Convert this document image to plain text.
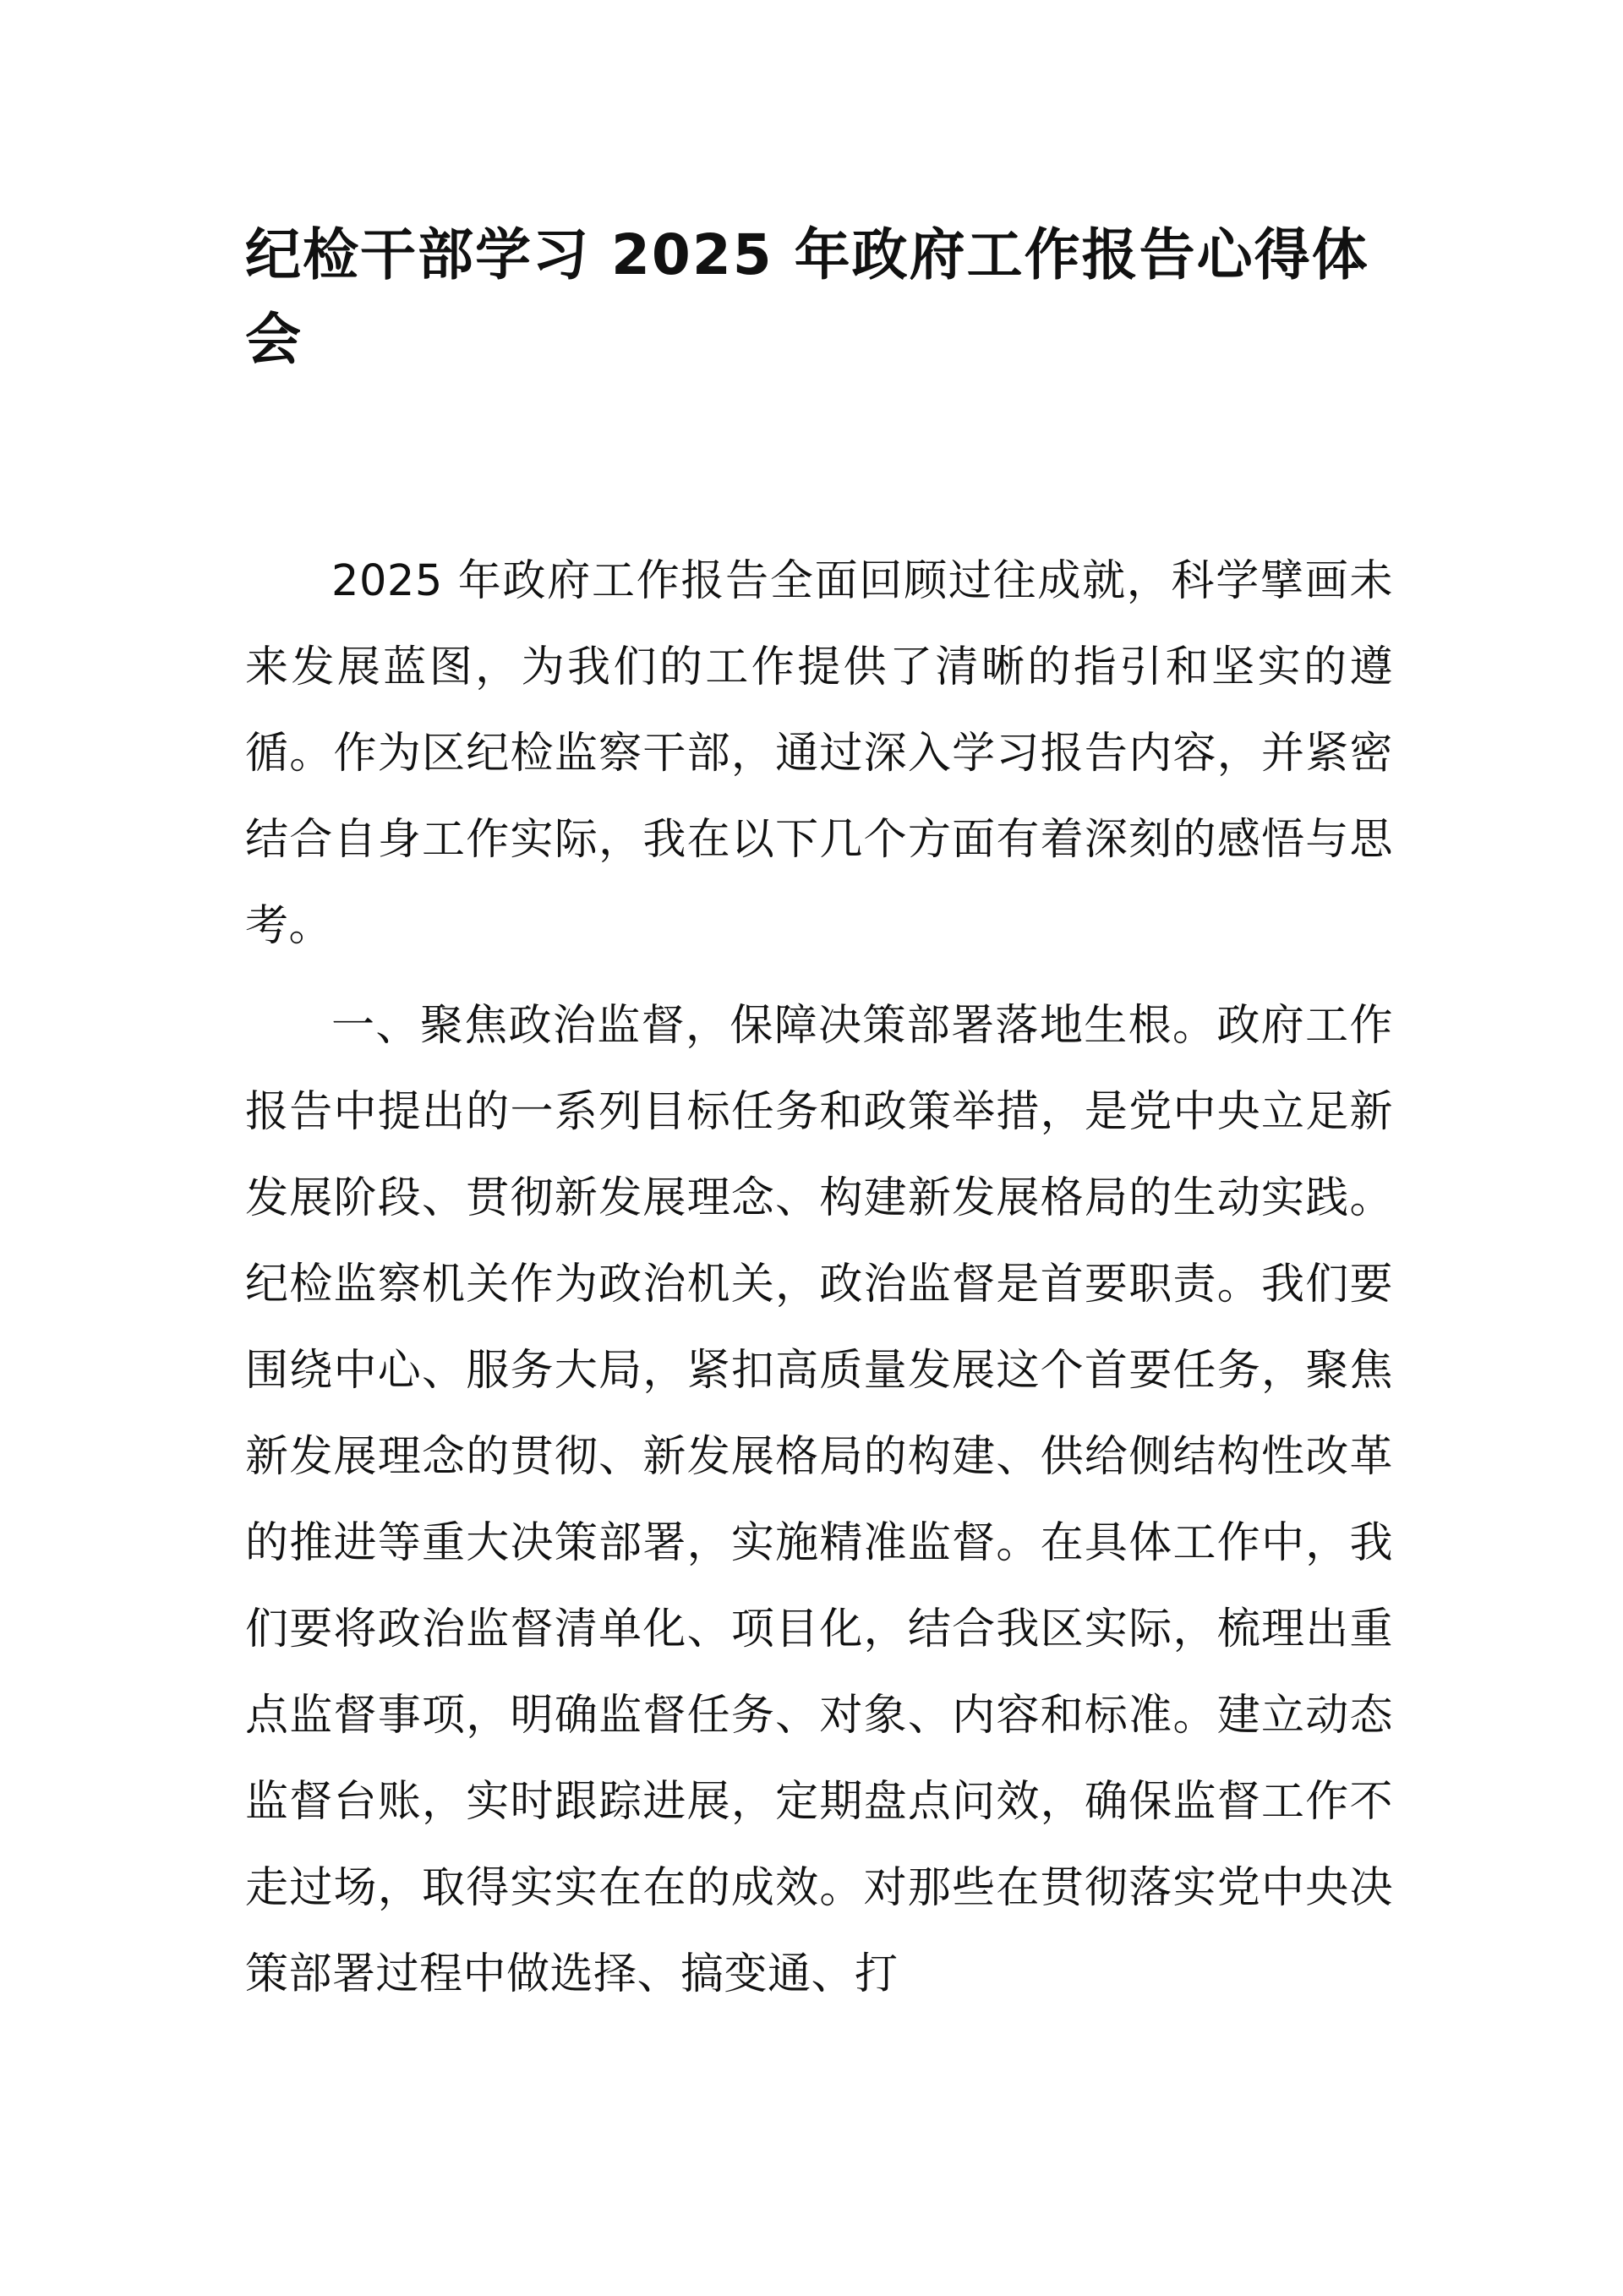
纪检干部学习 2025 年政府工作报告心得体会

2025 年政府工作报告全面回顾过往成就，科学擘画未来发展蓝图，为我们的工作提供了清晰的指引和坚实的遵循。作为区纪检监察干部，通过深入学习报告内容，并紧密结合自身工作实际，我在以下几个方面有着深刻的感悟与思考。

一、聚焦政治监督，保障决策部署落地生根。政府工作报告中提出的一系列目标任务和政策举措，是党中央立足新发展阶段、贯彻新发展理念、构建新发展格局的生动实践。纪检监察机关作为政治机关，政治监督是首要职责。我们要围绕中心、服务大局，紧扣高质量发展这个首要任务，聚焦新发展理念的贯彻、新发展格局的构建、供给侧结构性改革的推进等重大决策部署，实施精准监督。在具体工作中，我们要将政治监督清单化、项目化，结合我区实际，梳理出重点监督事项，明确监督任务、对象、内容和标准。建立动态监督台账，实时跟踪进展，定期盘点问效，确保监督工作不走过场，取得实实在在的成效。对那些在贯彻落实党中央决策部署过程中做选择、搞变通、打
